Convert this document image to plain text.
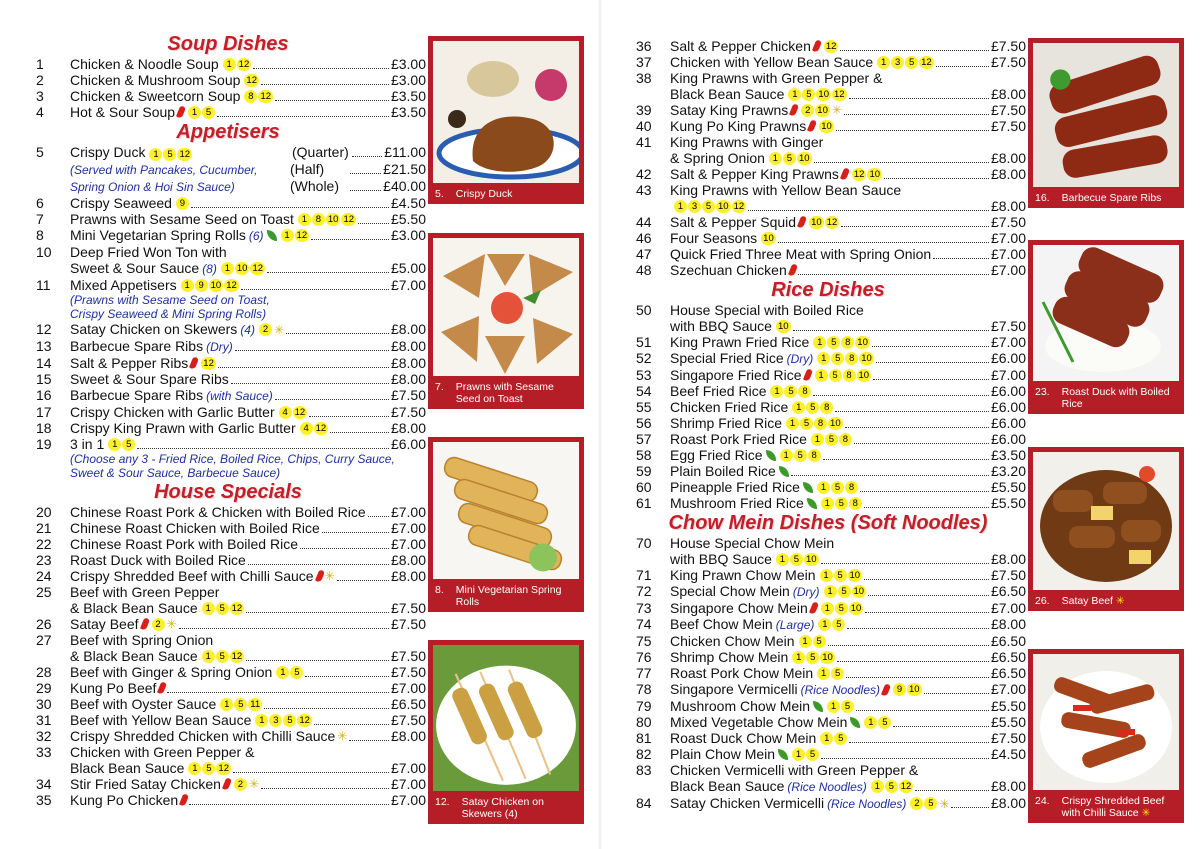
Soup Dishes
1	Chicken & Noodle Soup 1 12	£3.00
2	Chicken & Mushroom Soup 12	£3.00
3	Chicken & Sweetcorn Soup 8 12	£3.50
4	Hot & Sour Soup	1 5	£3.50
Appetisers
5	Crispy Duck 1 5 12	(Quarter)	£11.00
(Served with Pancakes, Cucumber,	(Half)	£21.50
Spring Onion & Hoi Sin Sauce)	(Whole)	£40.00
6	Crispy Seaweed 9	£4.50
7	Prawns with Sesame Seed on Toast 1 8 10 12	£5.50
8	Mini Vegetarian Spring Rolls (6)	1 12	£3.00
10	Deep Fried Won Ton with
Sweet & Sour Sauce (8) 1 10 12	£5.00
11	Mixed Appetisers 1 9 10 12	£7.00
(Prawns with Sesame Seed on Toast,
Crispy Seaweed & Mini Spring Rolls)
12	Satay Chicken on Skewers (4) 2 ✳	£8.00
13	Barbecue Spare Ribs (Dry)	£8.00
14	Salt & Pepper Ribs 12	£8.00
15	Sweet & Sour Spare Ribs	£8.00
16	Barbecue Spare Ribs (with Sauce)	£7.50
17	Crispy Chicken with Garlic Butter 4 12	£7.50
18	Crispy King Prawn with Garlic Butter 4 12	£8.00
19	3 in 1 1 5	£6.00
(Choose any 3 - Fried Rice, Boiled Rice, Chips, Curry Sauce,
Sweet & Sour Sauce, Barbecue Sauce)
House Specials
20	Chinese Roast Pork & Chicken with Boiled Rice £7.00
21	Chinese Roast Chicken with Boiled Rice	£7.00
22	Chinese Roast Pork with Boiled Rice	£7.00
23	Roast Duck with Boiled Rice	£8.00
24	Crispy Shredded Beef with Chilli Sauce ✳	£8.00
25	Beef with Green Pepper
& Black Bean Sauce 1 5 12	£7.50
26	Satay Beef	2 ✳	£7.50
27	Beef with Spring Onion
& Black Bean Sauce 1 5 12	£7.50
28	Beef with Ginger & Spring Onion 1 5	£7.50
29	Kung Po Beef	£7.00
30	Beef with Oyster Sauce 1 5 11	£6.50
31	Beef with Yellow Bean Sauce 1 3 5 12	£7.50
32	Crispy Shredded Chicken with Chilli Sauce ✳	£8.00
33	Chicken with Green Pepper &
Black Bean Sauce 1 5 12	£7.00
34	Stir Fried Satay Chicken	2 ✳	£7.00
35	Kung Po Chicken	£7.00
5. Crispy Duck
7. Prawns with Sesame Seed on Toast
8. Mini Vegetarian Spring Rolls
12. Satay Chicken on Skewers (4)
36	Salt & Pepper Chicken 12	£7.50
37	Chicken with Yellow Bean Sauce 1 3 5 12	£7.50
38	King Prawns with Green Pepper &
Black Bean Sauce 1 5 10 12	£8.00
39	Satay King Prawns	2 10 ✳	£7.50
40	Kung Po King Prawns 10	£7.50
41	King Prawns with Ginger
& Spring Onion 1 5 10	£8.00
42	Salt & Pepper King Prawns 12 10	£8.00
43	King Prawns with Yellow Bean Sauce
1 3 5 10 12	£8.00
44	Salt & Pepper Squid 10 12	£7.50
46	Four Seasons 10	£7.00
47	Quick Fried Three Meat with Spring Onion	£7.00
48	Szechuan Chicken	£7.00
Rice Dishes
50	House Special with Boiled Rice
with BBQ Sauce 10	£7.50
51	King Prawn Fried Rice 1 5 8 10	£7.00
52	Special Fried Rice (Dry) 1 5 8 10	£6.00
53	Singapore Fried Rice	1 5 8 10	£7.00
54	Beef Fried Rice 1 5 8	£6.00
55	Chicken Fried Rice 1 5 8	£6.00
56	Shrimp Fried Rice 1 5 8 10	£6.00
57	Roast Pork Fried Rice 1 5 8	£6.00
58	Egg Fried Rice	1 5 8	£3.50
59	Plain Boiled Rice	£3.20
60	Pineapple Fried Rice	1 5 8	£5.50
61	Mushroom Fried Rice	1 5 8	£5.50
Chow Mein Dishes (Soft Noodles)
70	House Special Chow Mein
with BBQ Sauce 1 5 10	£8.00
71	King Prawn Chow Mein 1 5 10	£7.50
72	Special Chow Mein (Dry) 1 5 10	£6.50
73	Singapore Chow Mein	1 5 10	£7.00
74	Beef Chow Mein (Large) 1 5	£8.00
75	Chicken Chow Mein 1 5	£6.50
76	Shrimp Chow Mein 1 5 10	£6.50
77	Roast Pork Chow Mein 1 5	£6.50
78	Singapore Vermicelli (Rice Noodles)	9 10	£7.00
79	Mushroom Chow Mein	1 5	£5.50
80	Mixed Vegetable Chow Mein	1 5	£5.50
81	Roast Duck Chow Mein 1 5	£7.50
82	Plain Chow Mein	1 5	£4.50
83	Chicken Vermicelli with Green Pepper &
Black Bean Sauce (Rice Noodles) 1 5 12	£8.00
84	Satay Chicken Vermicelli (Rice Noodles) 2 5 ✳	£8.00
16. Barbecue Spare Ribs
23. Roast Duck with Boiled Rice
26. Satay Beef ✳
24. Crispy Shredded Beef with Chilli Sauce ✳
